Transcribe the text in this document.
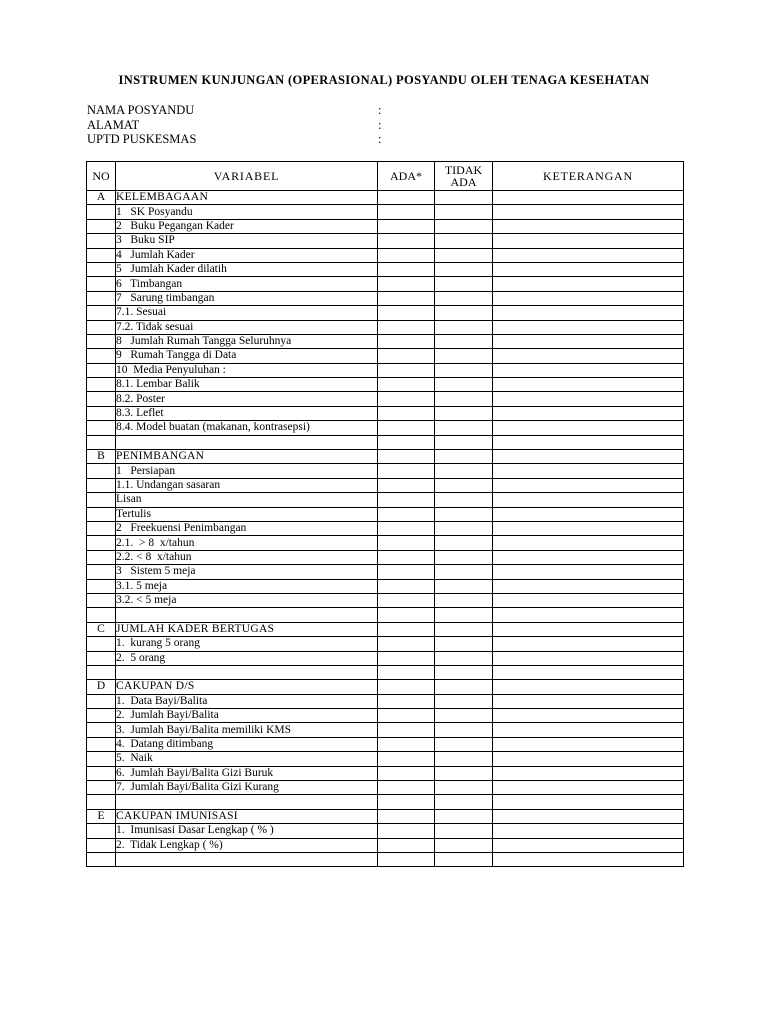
INSTRUMEN KUNJUNGAN (OPERASIONAL) POSYANDU OLEH TENAGA KESEHATAN
NAMA POSYANDU	:
ALAMAT	:
UPTD PUSKESMAS	:
NO	VARIABEL	ADA*	TIDAK ADA	KETERANGAN
A	KELEMBAGAAN			
	1   SK Posyandu			
	2   Buku Pegangan Kader			
	3   Buku SIP			
	4   Jumlah Kader			
	5   Jumlah Kader dilatih			
	6   Timbangan			
	7   Sarung timbangan			
	7.1. Sesuai			
	7.2. Tidak sesuai			
	8   Jumlah Rumah Tangga Seluruhnya			
	9   Rumah Tangga di Data			
	10  Media Penyuluhan :			
	8.1. Lembar Balik			
	8.2. Poster			
	8.3. Leflet			
	8.4. Model buatan (makanan, kontrasepsi)			

B	PENIMBANGAN			
	1   Persiapan			
	1.1. Undangan sasaran			
	Lisan			
	Tertulis			
	2   Freekuensi Penimbangan			
	2.1.  > 8  x/tahun			
	2.2. < 8  x/tahun			
	3   Sistem 5 meja			
	3.1. 5 meja			
	3.2. < 5 meja			

C	JUMLAH KADER BERTUGAS			
	1.  kurang 5 orang			
	2.  5 orang			

D	CAKUPAN D/S			
	1.  Data Bayi/Balita			
	2.  Jumlah Bayi/Balita			
	3.  Jumlah Bayi/Balita memiliki KMS			
	4.  Datang ditimbang			
	5.  Naik			
	6.  Jumlah Bayi/Balita Gizi Buruk			
	7.  Jumlah Bayi/Balita Gizi Kurang			

E	CAKUPAN IMUNISASI			
	1.  Imunisasi Dasar Lengkap ( % )			
	2.  Tidak Lengkap ( %)			
